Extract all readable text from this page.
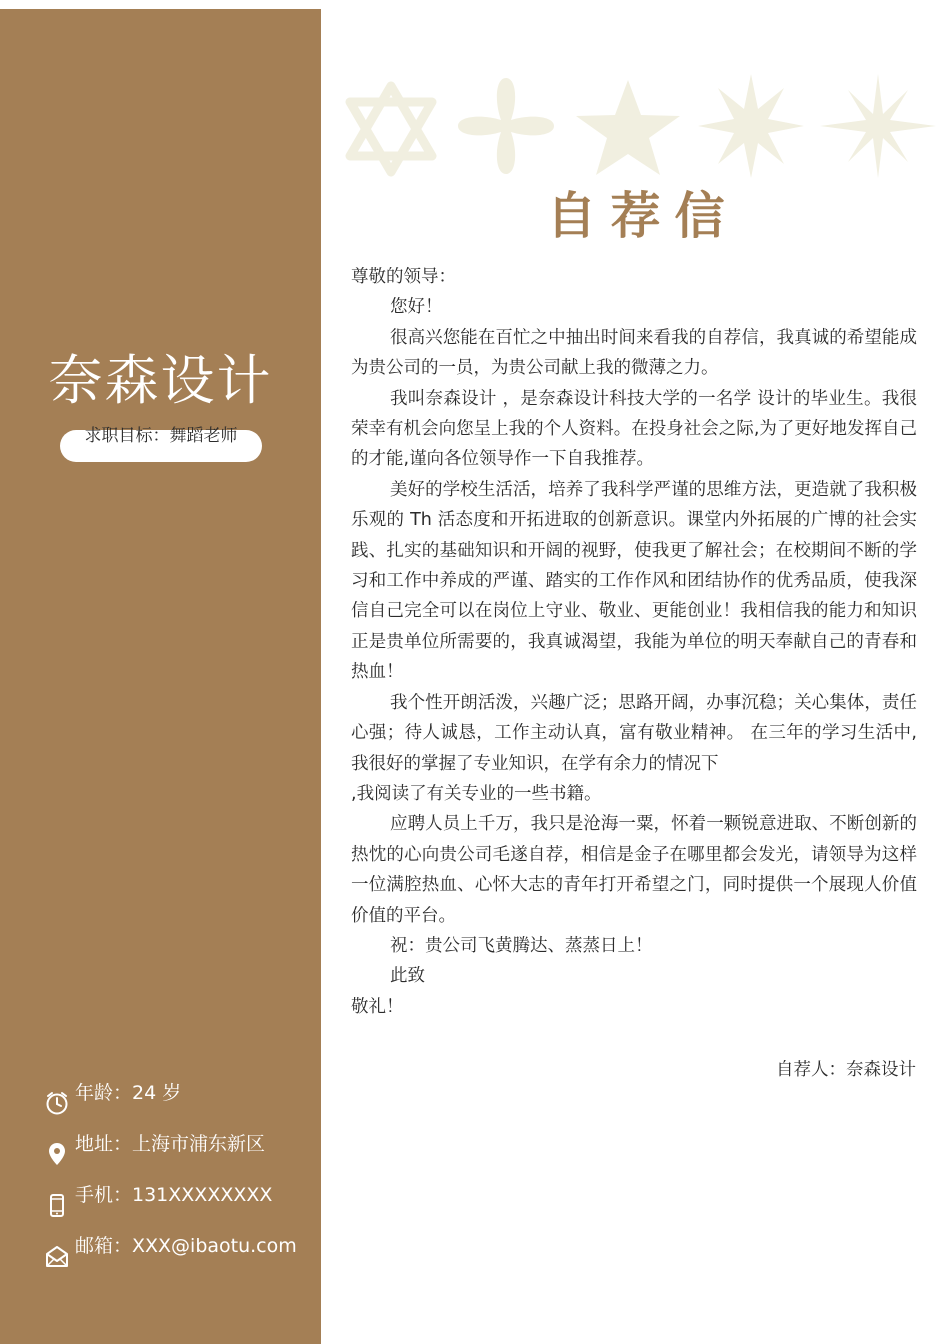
奈森设计
求职目标：舞蹈老师
年龄：24 岁
地址：上海市浦东新区
手机：131XXXXXXXX
邮箱：XXX@ibaotu.com
自荐信

尊敬的领导：

您好！

很高兴您能在百忙之中抽出时间来看我的自荐信，我真诚的希望能成为贵公司的一员，为贵公司献上我的微薄之力。

我叫奈森设计 ，是奈森设计科技大学的一名学 设计的毕业生。我很荣幸有机会向您呈上我的个人资料。在投身社会之际,为了更好地发挥自己的才能,谨向各位领导作一下自我推荐。

美好的学校生活活，培养了我科学严谨的思维方法，更造就了我积极乐观的 Th 活态度和开拓进取的创新意识。课堂内外拓展的广博的社会实践、扎实的基础知识和开阔的视野，使我更了解社会；在校期间不断的学习和工作中养成的严谨、踏实的工作作风和团结协作的优秀品质，使我深信自己完全可以在岗位上守业、敬业、更能创业！我相信我的能力和知识正是贵单位所需要的，我真诚渴望，我能为单位的明天奉献自己的青春和热血！

我个性开朗活泼，兴趣广泛；思路开阔，办事沉稳；关心集体，责任心强；待人诚恳，工作主动认真，富有敬业精神。 在三年的学习生活中, 我很好的掌握了专业知识，在学有余力的情况下

,我阅读了有关专业的一些书籍。

应聘人员上千万，我只是沧海一粟，怀着一颗锐意进取、不断创新的热忱的心向贵公司毛遂自荐，相信是金子在哪里都会发光，请领导为这样一位满腔热血、心怀大志的青年打开希望之门，同时提供一个展现人价值价值的平台。

祝：贵公司飞黄腾达、蒸蒸日上！

此致

敬礼！

自荐人：奈森设计
